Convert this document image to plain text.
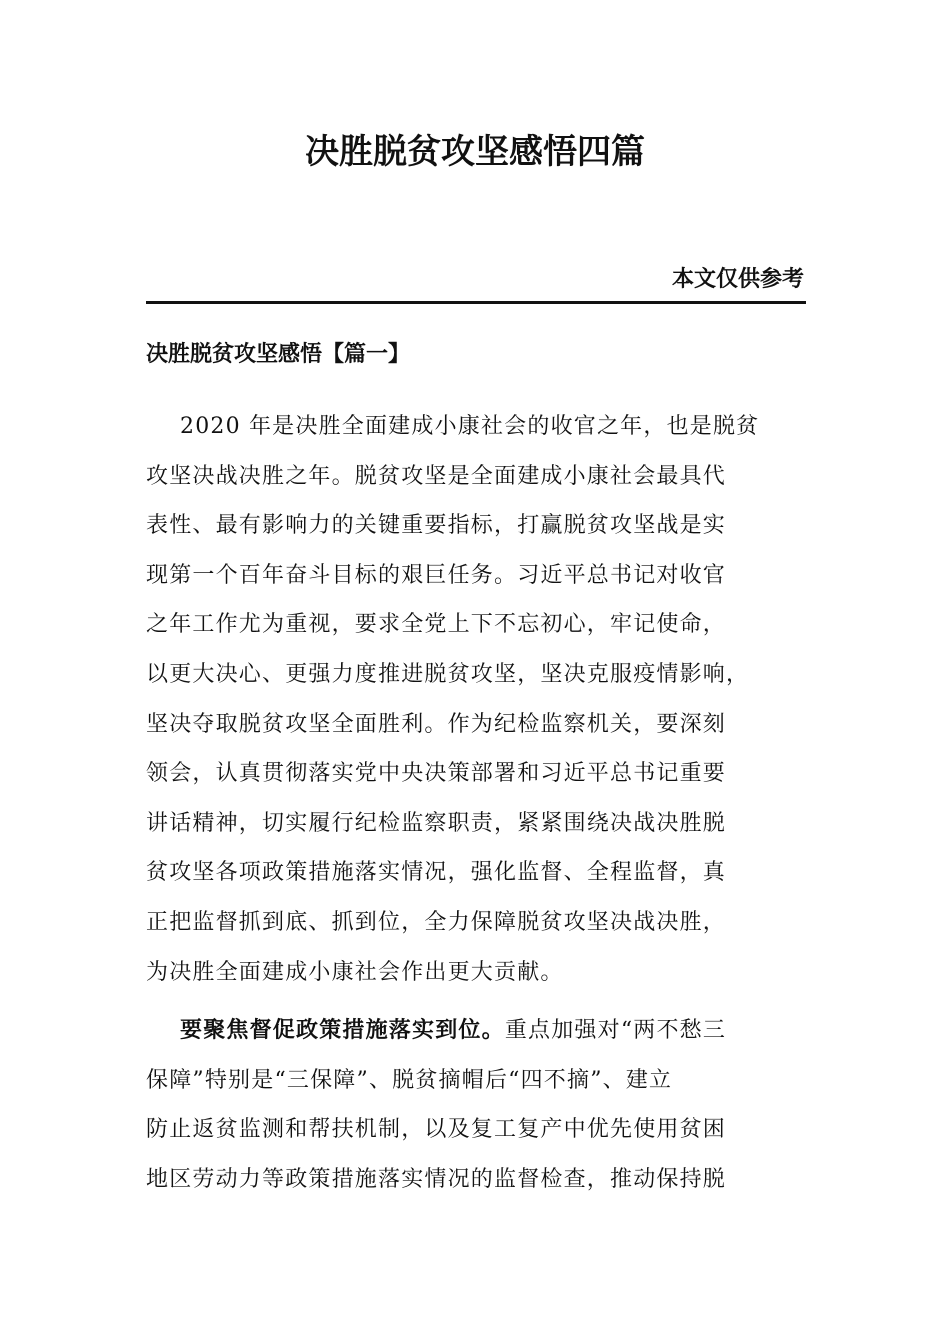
决胜脱贫攻坚感悟四篇
本文仅供参考
决胜脱贫攻坚感悟【篇一】
2020 年是决胜全面建成小康社会的收官之年，也是脱贫
攻坚决战决胜之年。脱贫攻坚是全面建成小康社会最具代
表性、最有影响力的关键重要指标，打赢脱贫攻坚战是实
现第一个百年奋斗目标的艰巨任务。习近平总书记对收官
之年工作尤为重视，要求全党上下不忘初心，牢记使命，
以更大决心、更强力度推进脱贫攻坚，坚决克服疫情影响，
坚决夺取脱贫攻坚全面胜利。作为纪检监察机关，要深刻
领会，认真贯彻落实党中央决策部署和习近平总书记重要
讲话精神，切实履行纪检监察职责，紧紧围绕决战决胜脱
贫攻坚各项政策措施落实情况，强化监督、全程监督，真
正把监督抓到底、抓到位，全力保障脱贫攻坚决战决胜，
为决胜全面建成小康社会作出更大贡献。
要聚焦督促政策措施落实到位。重点加强对“两不愁三
保障”特别是“三保障”、脱贫摘帽后“四不摘”、建立
防止返贫监测和帮扶机制，以及复工复产中优先使用贫困
地区劳动力等政策措施落实情况的监督检查，推动保持脱
